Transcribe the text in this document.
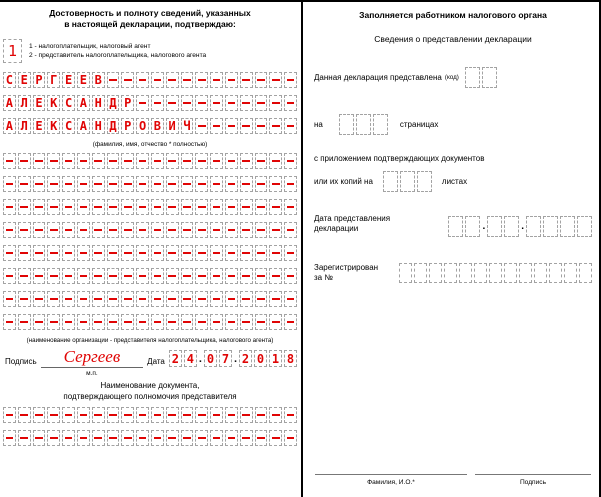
Достоверность и полноту сведений, указанных
в настоящей декларации, подтверждаю:
1	1 - налогоплательщик, налоговый агент
2 - представитель налогоплательщика, налогового агента
С Е Р Г Е Е В
А Л Е К С А Н Д Р
А Л Е К С А Н Д Р О В И Ч
(фамилия, имя, отчество * полностью)
(наименование организации - представителя налогоплательщика, налогового агента)
Подпись	Сергеев
м.п.
Дата 2 4 . 0 7 . 2 0 1 8
Наименование документа,
подтверждающего полномочия представителя
Заполняется работником налогового органа
Сведения о представлении декларации
Данная декларация представлена (код)
на	страницах
с приложением подтверждающих документов
или их копий на	листах
Дата представления
декларации	.	.
Зарегистрирован
за №
Фамилия, И.О.*	Подпись
